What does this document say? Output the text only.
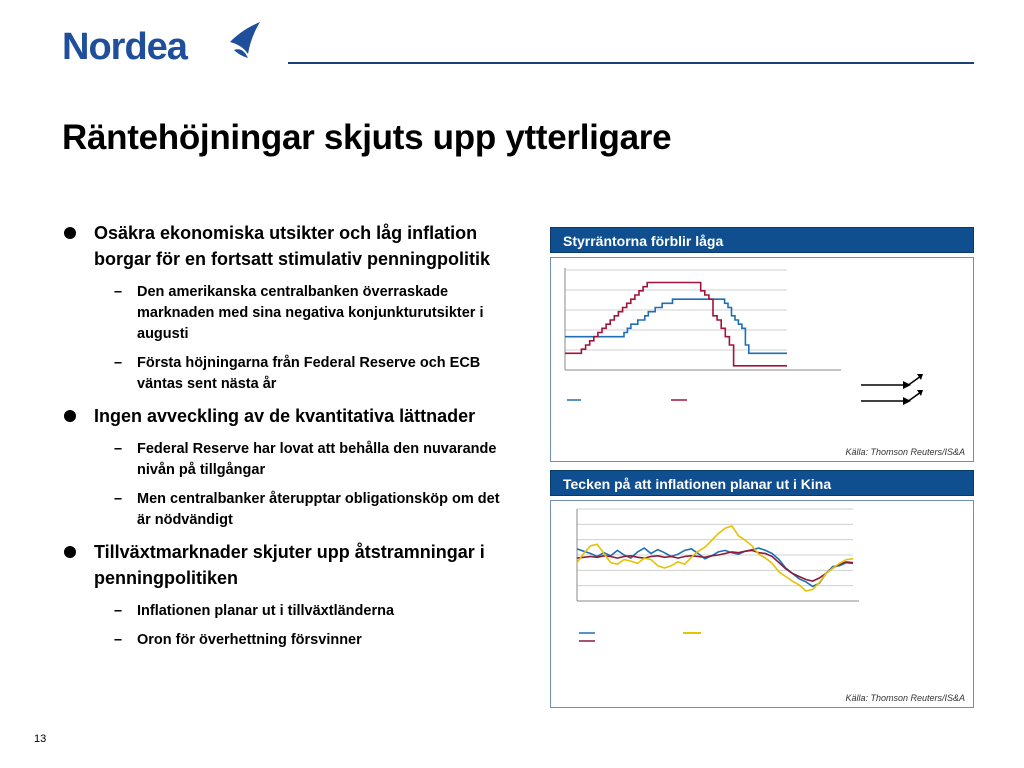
Nordea
Räntehöjningar skjuts upp ytterligare
Osäkra ekonomiska utsikter och låg inflation borgar för en fortsatt stimulativ penningpolitik
– Den amerikanska centralbanken överraskade marknaden med sina negativa konjunkturutsikter i augusti
– Första höjningarna från Federal Reserve och ECB väntas sent nästa år
Ingen avveckling av de kvantitativa lättnader
– Federal Reserve har lovat att behålla den nuvarande nivån på tillgångar
– Men centralbanker återupptar obligationsköp om det är nödvändigt
Tillväxtmarknader skjuter upp åtstramningar i penningpolitiken
– Inflationen planar ut i tillväxtländerna
– Oron för överhettning försvinner
Styrräntorna förblir låga
Källa: Thomson Reuters/IS&A
Tecken på att inflationen planar ut i Kina
Källa: Thomson Reuters/IS&A
13
